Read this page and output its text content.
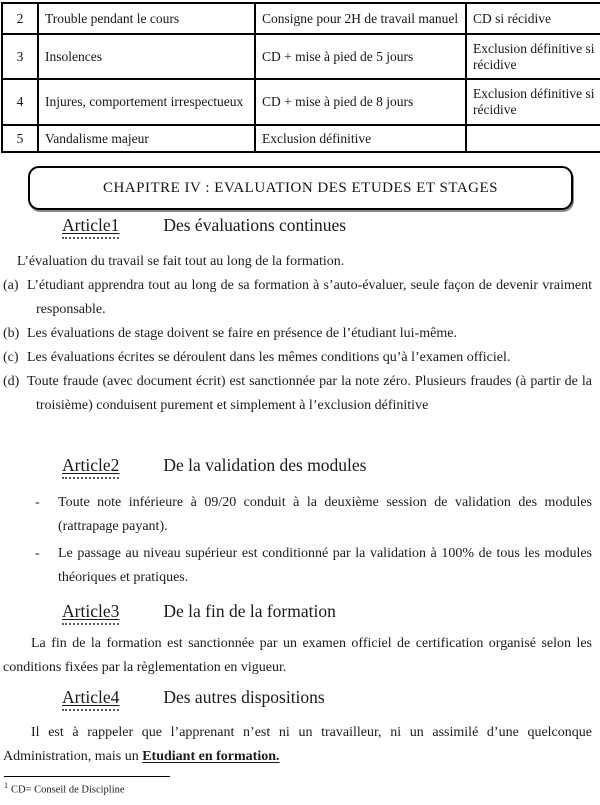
2	Trouble pendant le cours	Consigne pour 2H de travail manuel	CD si récidive
3	Insolences	CD + mise à pied de 5 jours	Exclusion définitive si récidive
4	Injures, comportement irrespectueux	CD + mise à pied de 8 jours	Exclusion définitive si récidive
5	Vandalisme majeur	Exclusion définitive	
CHAPITRE IV : EVALUATION DES ETUDES ET STAGES
Article1	Des évaluations continues
L’évaluation du travail se fait tout au long de la formation.
(a) L’étudiant apprendra tout au long de sa formation à s’auto-évaluer, seule façon de devenir vraiment responsable.
(b) Les évaluations de stage doivent se faire en présence de l’étudiant lui-même.
(c) Les évaluations écrites se déroulent dans les mêmes conditions qu’à l’examen officiel.
(d) Toute fraude (avec document écrit) est sanctionnée par la note zéro. Plusieurs fraudes (à partir de la troisième) conduisent purement et simplement à l’exclusion définitive
Article2	De la validation des modules
-	Toute note inférieure à 09/20 conduit à la deuxième session de validation des modules (rattrapage payant).
-	Le passage au niveau supérieur est conditionné par la validation à 100% de tous les modules théoriques et pratiques.
Article3	De la fin de la formation
La fin de la formation est sanctionnée par un examen officiel de certification organisé selon les conditions fixées par la règlementation en vigueur.
Article4	Des autres dispositions
Il est à rappeler que l’apprenant n’est ni un travailleur, ni un assimilé d’une quelconque Administration, mais un Etudiant en formation.
$^1$ CD= Conseil de Discipline
